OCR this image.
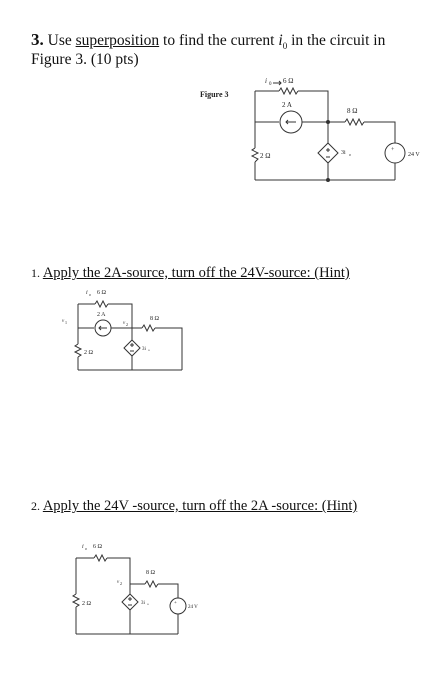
3. Use superposition to find the current $i_0$ in the circuit in
Figure 3. (10 pts)
Figure 3
i 0 6 Ω
2 A
8 Ω
2 Ω	3i o
+
24 V
1. Apply the 2A-source, turn off the 24V-source: (Hint)
i o 6 Ω
v 1
2 A
v 2
8 Ω
2 Ω
3i o
2. Apply the 24V -source, turn off the 2A -source: (Hint)
i o 6 Ω
v 2
8 Ω
2 Ω	3i o	+
24 V
